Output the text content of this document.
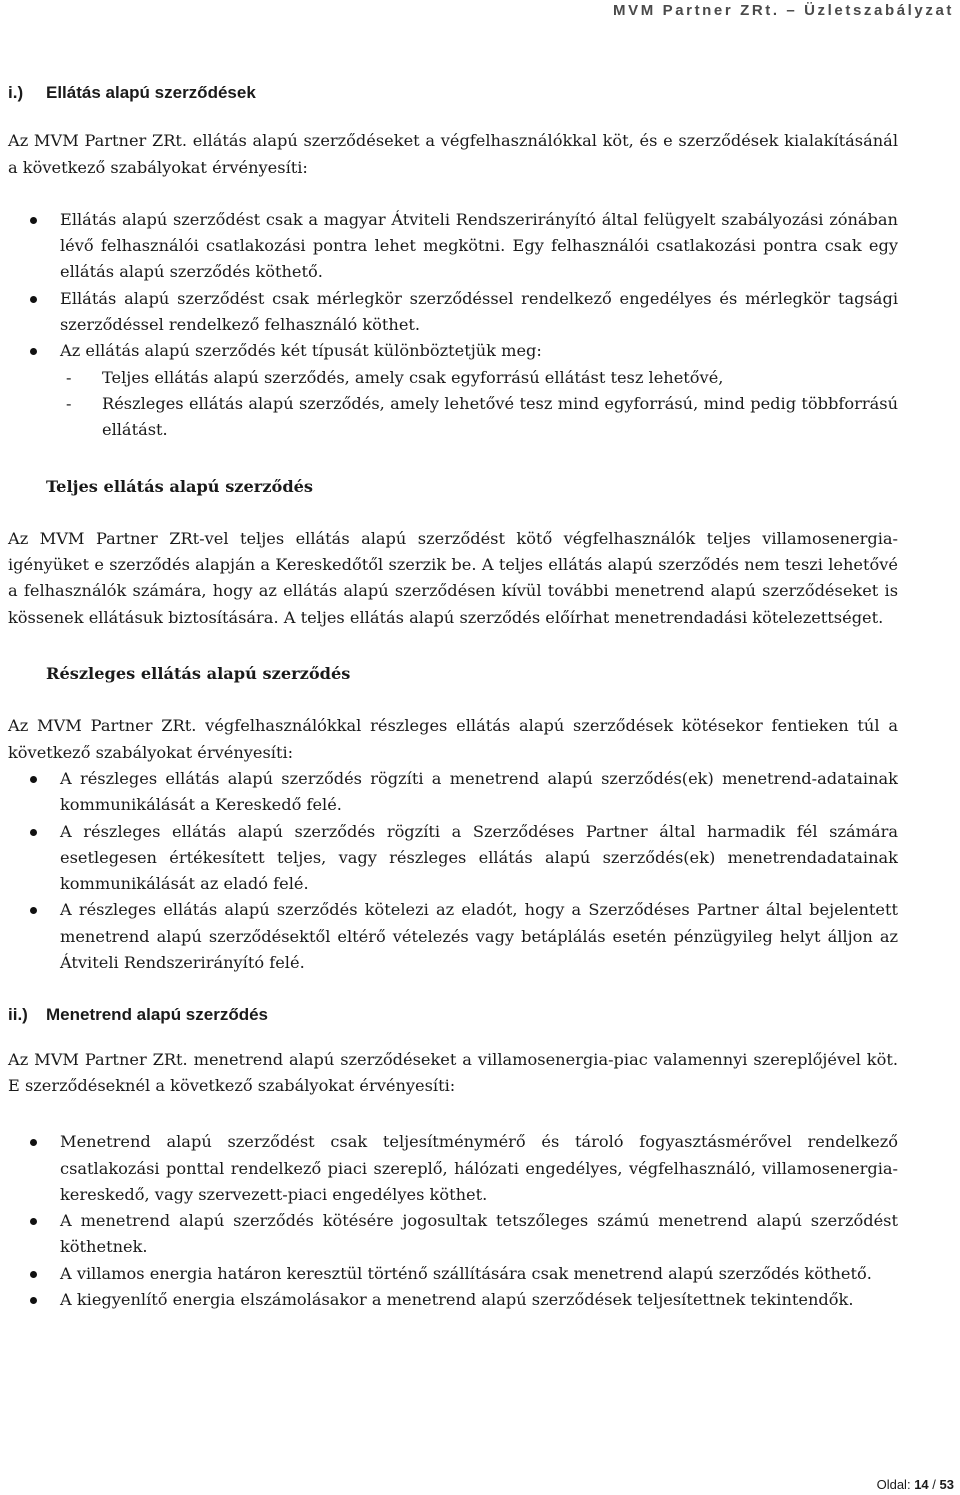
MVM Partner ZRt. – Üzletszabályzat
i.)	Ellátás alapú szerződések

Az MVM Partner ZRt. ellátás alapú szerződéseket a végfelhasználókkal köt, és e szerződések kialakításánál a következő szabályokat érvényesíti:

Ellátás alapú szerződést csak a magyar Átviteli Rendszerirányító által felügyelt szabályozási zónában lévő felhasználói csatlakozási pontra lehet megkötni. Egy felhasználói csatlakozási pontra csak egy ellátás alapú szerződés köthető.
Ellátás alapú szerződést csak mérlegkör szerződéssel rendelkező engedélyes és mérlegkör tagsági szerződéssel rendelkező felhasználó köthet.
Az ellátás alapú szerződés két típusát különböztetjük meg:
- Teljes ellátás alapú szerződés, amely csak egyforrású ellátást tesz lehetővé,
- Részleges ellátás alapú szerződés, amely lehetővé tesz mind egyforrású, mind pedig többforrású ellátást.
Teljes ellátás alapú szerződés

Az MVM Partner ZRt-vel teljes ellátás alapú szerződést kötő végfelhasználók teljes villamosenergia-igényüket e szerződés alapján a Kereskedőtől szerzik be. A teljes ellátás alapú szerződés nem teszi lehetővé a felhasználók számára, hogy az ellátás alapú szerződésen kívül további menetrend alapú szerződéseket is kössenek ellátásuk biztosítására. A teljes ellátás alapú szerződés előírhat menetrendadási kötelezettséget.

Részleges ellátás alapú szerződés

Az MVM Partner ZRt. végfelhasználókkal részleges ellátás alapú szerződések kötésekor fentieken túl a következő szabályokat érvényesíti:

A részleges ellátás alapú szerződés rögzíti a menetrend alapú szerződés(ek) menetrend-adatainak kommunikálását a Kereskedő felé.
A részleges ellátás alapú szerződés rögzíti a Szerződéses Partner által harmadik fél számára esetlegesen értékesített teljes, vagy részleges ellátás alapú szerződés(ek) menetrendadatainak kommunikálását az eladó felé.
A részleges ellátás alapú szerződés kötelezi az eladót, hogy a Szerződéses Partner által bejelentett menetrend alapú szerződésektől eltérő vételezés vagy betáplálás esetén pénzügyileg helyt álljon az Átviteli Rendszerirányító felé.
ii.)	Menetrend alapú szerződés

Az MVM Partner ZRt. menetrend alapú szerződéseket a villamosenergia-piac valamennyi szereplőjével köt. E szerződéseknél a következő szabályokat érvényesíti:

Menetrend alapú szerződést csak teljesítménymérő és tároló fogyasztásmérővel rendelkező csatlakozási ponttal rendelkező piaci szereplő, hálózati engedélyes, végfelhasználó, villamosenergia-kereskedő, vagy szervezett-piaci engedélyes köthet.
A menetrend alapú szerződés kötésére jogosultak tetszőleges számú menetrend alapú szerződést köthetnek.
A villamos energia határon keresztül történő szállítására csak menetrend alapú szerződés köthető.
A kiegyenlítő energia elszámolásakor a menetrend alapú szerződések teljesítettnek tekintendők.
Oldal: 14 / 53
